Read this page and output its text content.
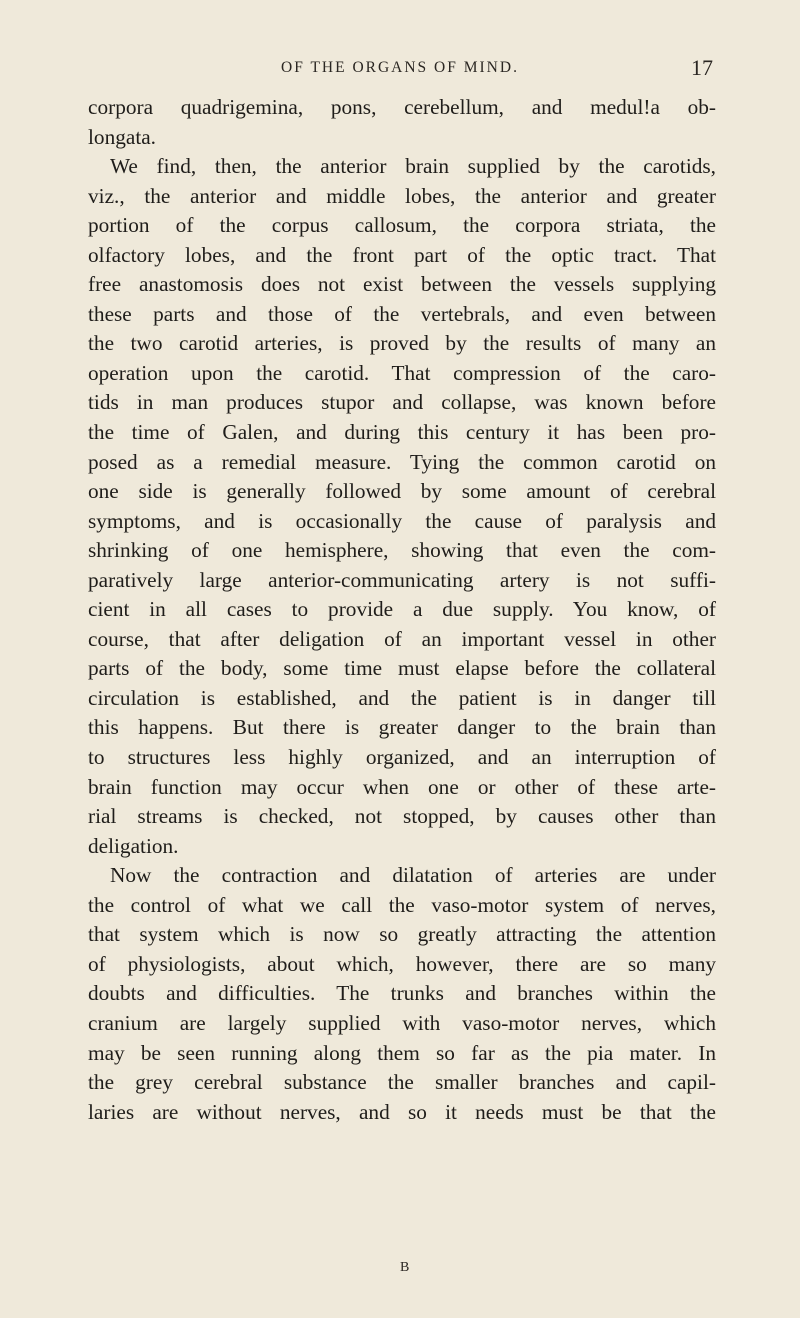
OF THE ORGANS OF MIND.	17
corpora quadrigemina, pons, cerebellum, and medul!a ob-
longata.
We find, then, the anterior brain supplied by the carotids,
viz., the anterior and middle lobes, the anterior and greater
portion of the corpus callosum, the corpora striata, the
olfactory lobes, and the front part of the optic tract. That
free anastomosis does not exist between the vessels supplying
these parts and those of the vertebrals, and even between
the two carotid arteries, is proved by the results of many an
operation upon the carotid. That compression of the caro-
tids in man produces stupor and collapse, was known before
the time of Galen, and during this century it has been pro-
posed as a remedial measure. Tying the common carotid on
one side is generally followed by some amount of cerebral
symptoms, and is occasionally the cause of paralysis and
shrinking of one hemisphere, showing that even the com-
paratively large anterior-communicating artery is not suffi-
cient in all cases to provide a due supply. You know, of
course, that after deligation of an important vessel in other
parts of the body, some time must elapse before the collateral
circulation is established, and the patient is in danger till
this happens. But there is greater danger to the brain than
to structures less highly organized, and an interruption of
brain function may occur when one or other of these arte-
rial streams is checked, not stopped, by causes other than
deligation.
Now the contraction and dilatation of arteries are under
the control of what we call the vaso-motor system of nerves,
that system which is now so greatly attracting the attention
of physiologists, about which, however, there are so many
doubts and difficulties. The trunks and branches within the
cranium are largely supplied with vaso-motor nerves, which
may be seen running along them so far as the pia mater. In
the grey cerebral substance the smaller branches and capil-
laries are without nerves, and so it needs must be that the
B
